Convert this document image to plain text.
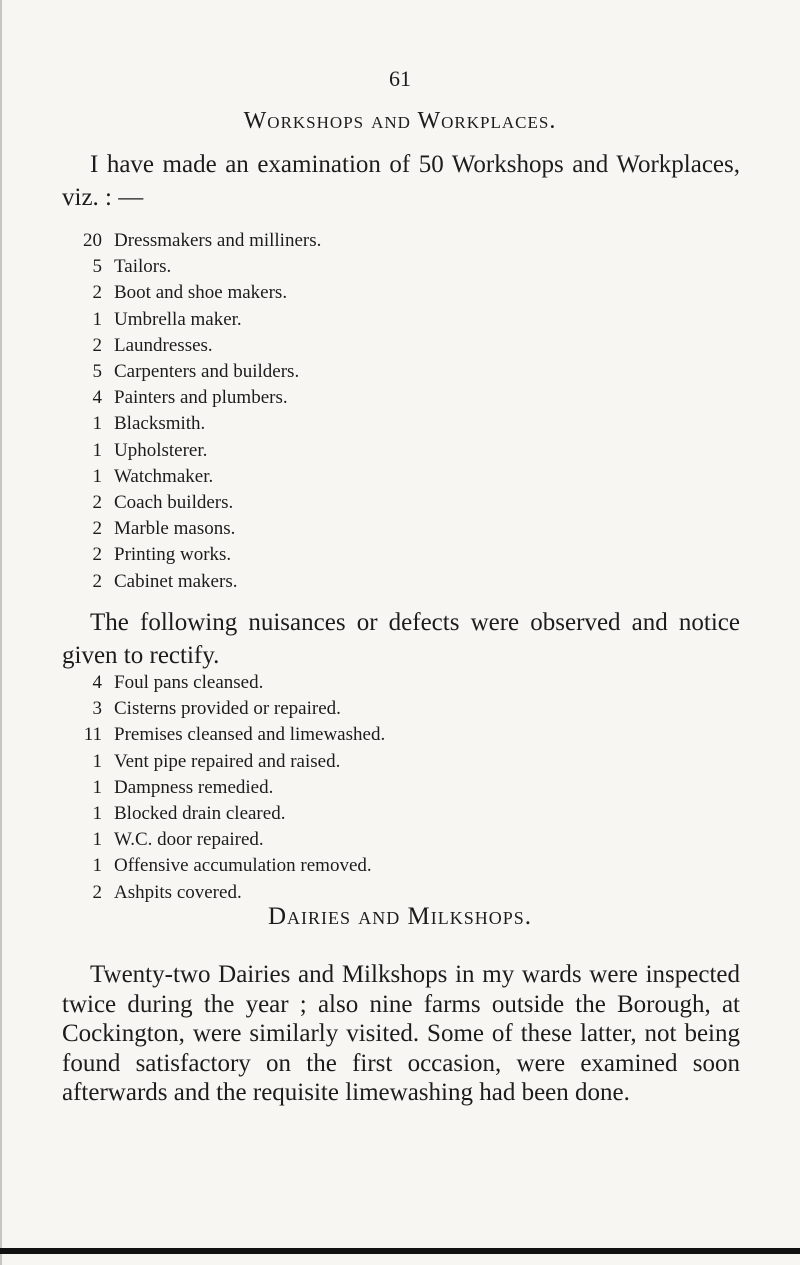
61
Workshops and Workplaces.

I have made an examination of 50 Workshops and Workplaces, viz. : —

20 Dressmakers and milliners.
5 Tailors.
2 Boot and shoe makers.
1 Umbrella maker.
2 Laundresses.
5 Carpenters and builders.
4 Painters and plumbers.
1 Blacksmith.
1 Upholsterer.
1 Watchmaker.
2 Coach builders.
2 Marble masons.
2 Printing works.
2 Cabinet makers.

The following nuisances or defects were observed and notice given to rectify.

4 Foul pans cleansed.
3 Cisterns provided or repaired.
11 Premises cleansed and limewashed.
1 Vent pipe repaired and raised.
1 Dampness remedied.
1 Blocked drain cleared.
1 W.C. door repaired.
1 Offensive accumulation removed.
2 Ashpits covered.
Dairies and Milkshops.

Twenty-two Dairies and Milkshops in my wards were inspected twice during the year ; also nine farms outside the Borough, at Cockington, were similarly visited. Some of these latter, not being found satisfactory on the first occasion, were examined soon afterwards and the requisite limewashing had been done.
